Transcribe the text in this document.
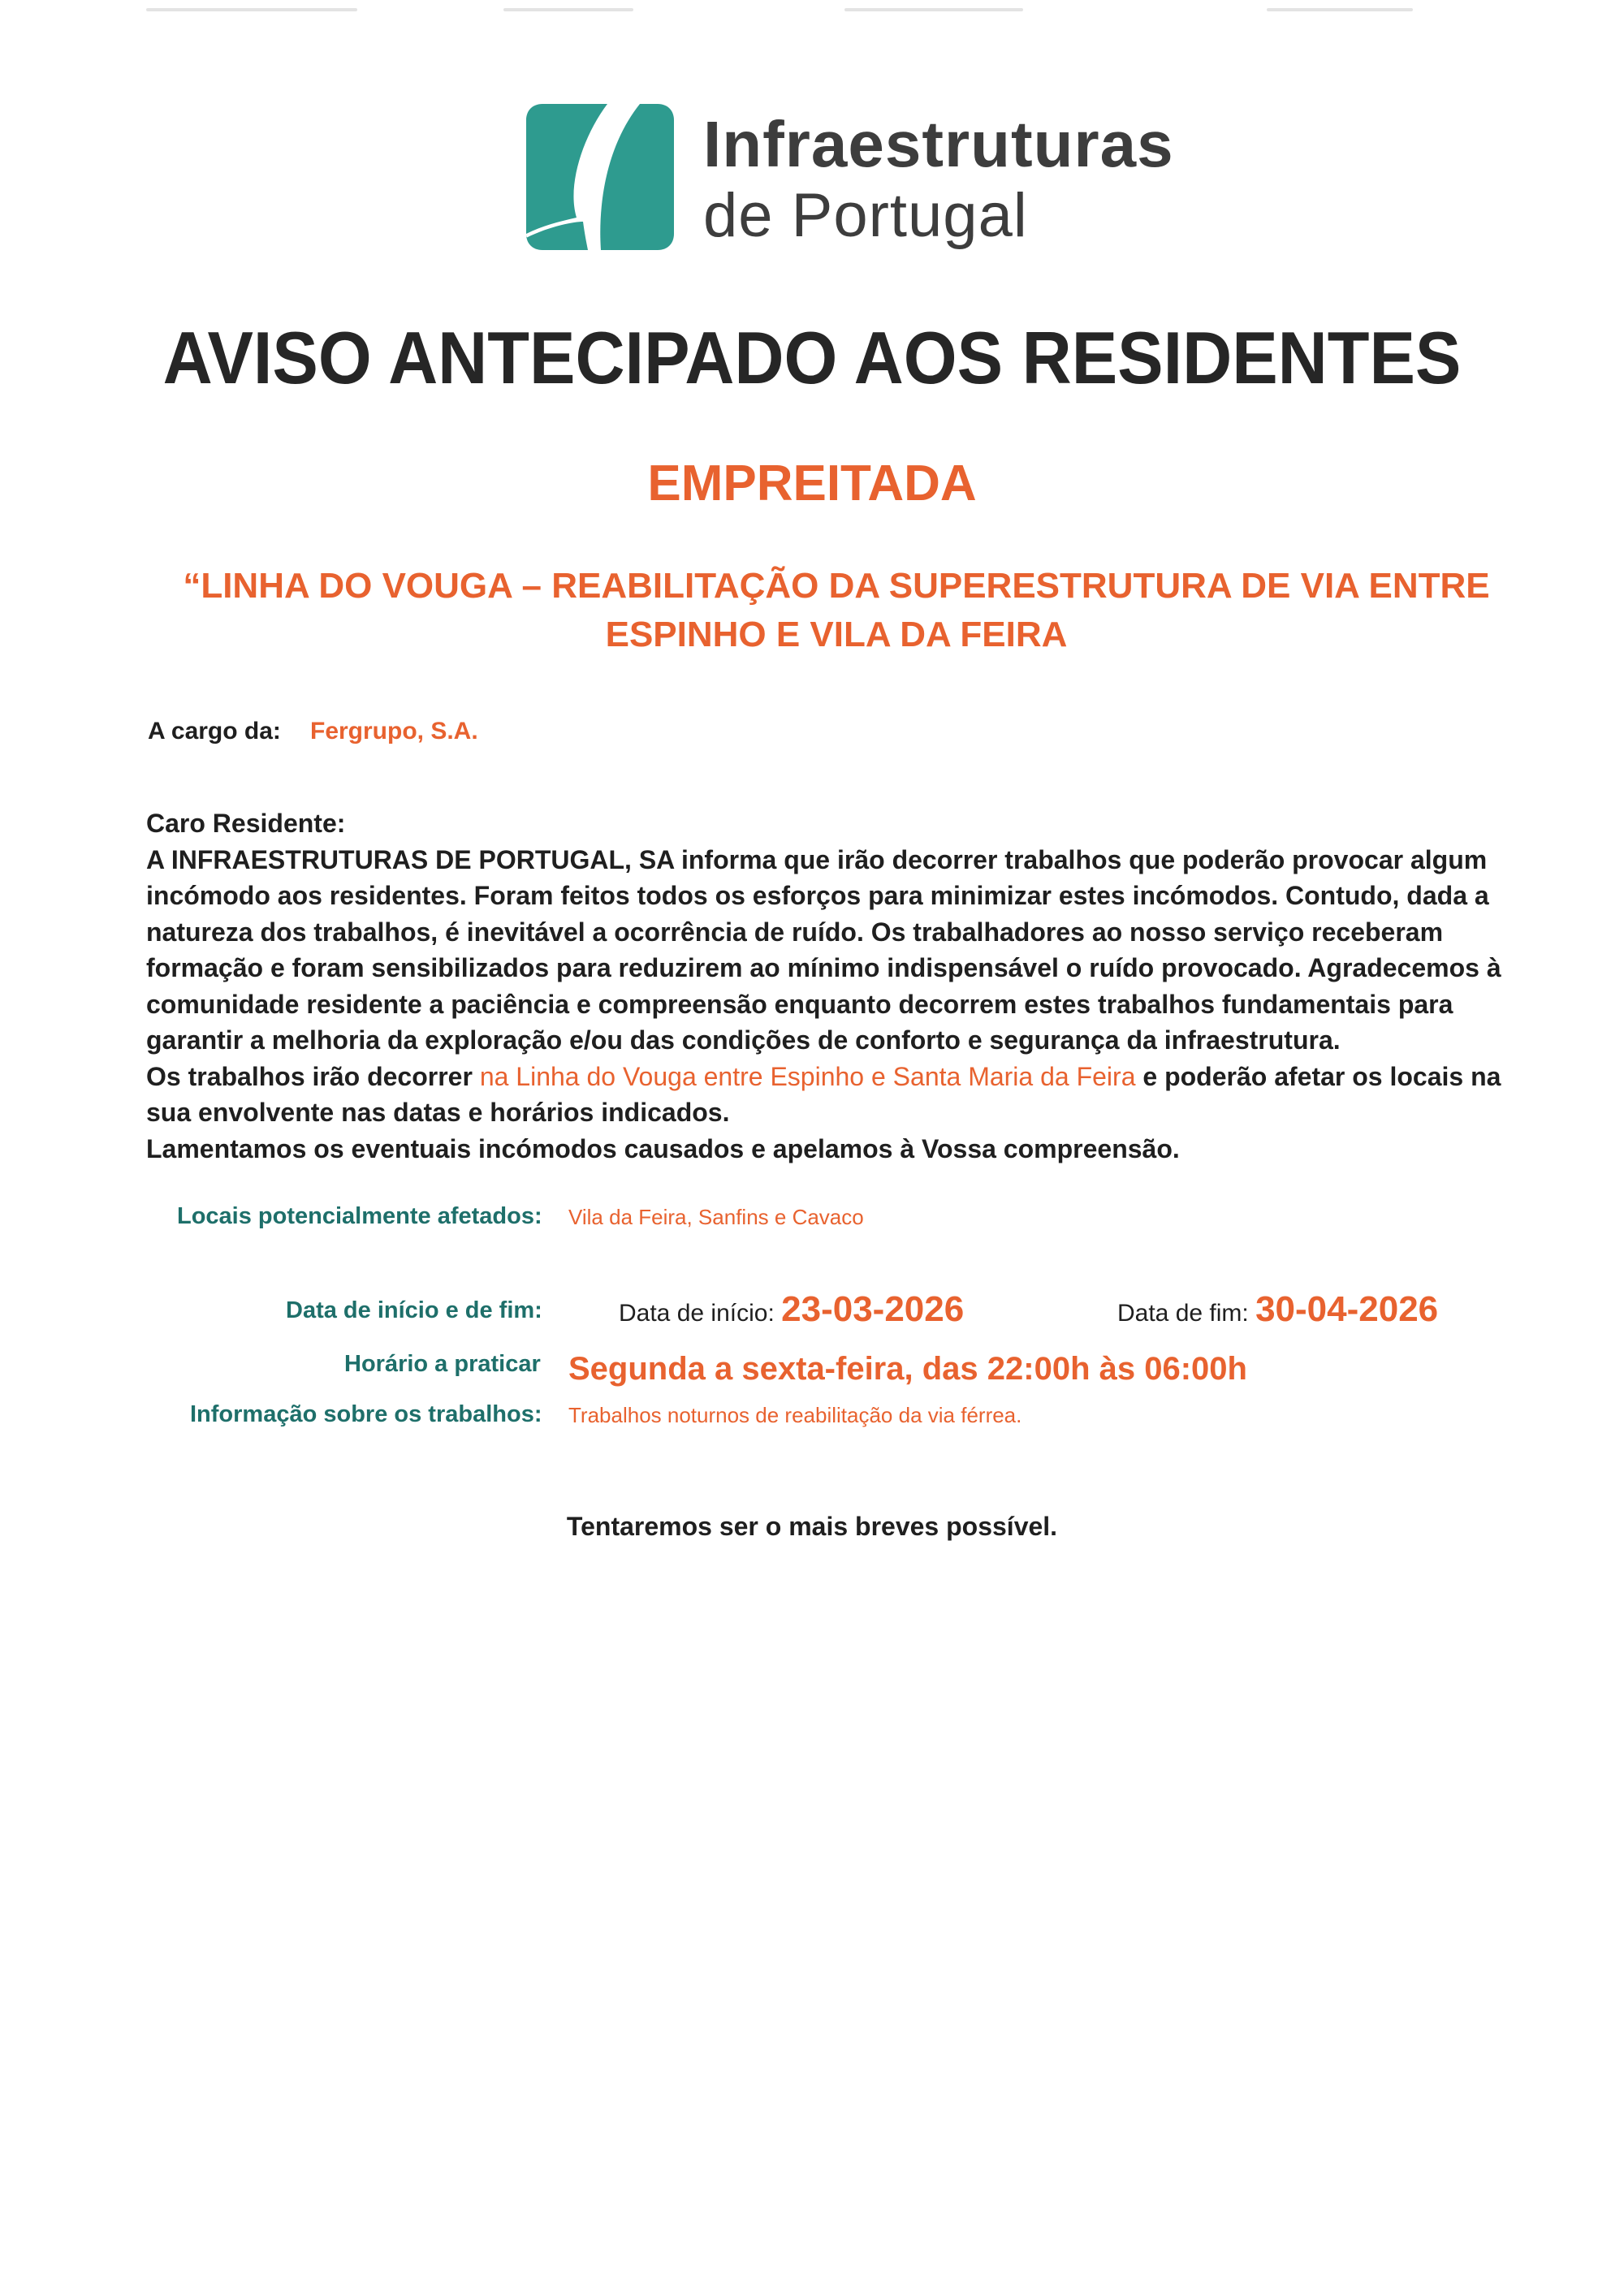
Infraestruturas
de Portugal
AVISO ANTECIPADO AOS RESIDENTES
EMPREITADA
“LINHA DO VOUGA – REABILITAÇÃO DA SUPERESTRUTURA DE VIA ENTRE
ESPINHO E VILA DA FEIRA
A cargo da: Fergrupo, S.A.

Caro Residente:

A INFRAESTRUTURAS DE PORTUGAL, SA informa que irão decorrer trabalhos que poderão provocar algum incómodo aos residentes. Foram feitos todos os esforços para minimizar estes incómodos. Contudo, dada a natureza dos trabalhos, é inevitável a ocorrência de ruído. Os trabalhadores ao nosso serviço receberam formação e foram sensibilizados para reduzirem ao mínimo indispensável o ruído provocado. Agradecemos à comunidade residente a paciência e compreensão enquanto decorrem estes trabalhos fundamentais para garantir a melhoria da exploração e/ou das condições de conforto e segurança da infraestrutura.

Os trabalhos irão decorrer na Linha do Vouga entre Espinho e Santa Maria da Feira e poderão afetar os locais na sua envolvente nas datas e horários indicados.

Lamentamos os eventuais incómodos causados e apelamos à Vossa compreensão.

Locais potencialmente afetados: Vila da Feira, Sanfins e Cavaco
Data de início e de fim:	Data de início: 23-03-2026	Data de fim: 30-04-2026
Horário a praticar Segunda a sexta-feira, das 22:00h às 06:00h
Informação sobre os trabalhos: Trabalhos noturnos de reabilitação da via férrea.
Tentaremos ser o mais breves possível.
